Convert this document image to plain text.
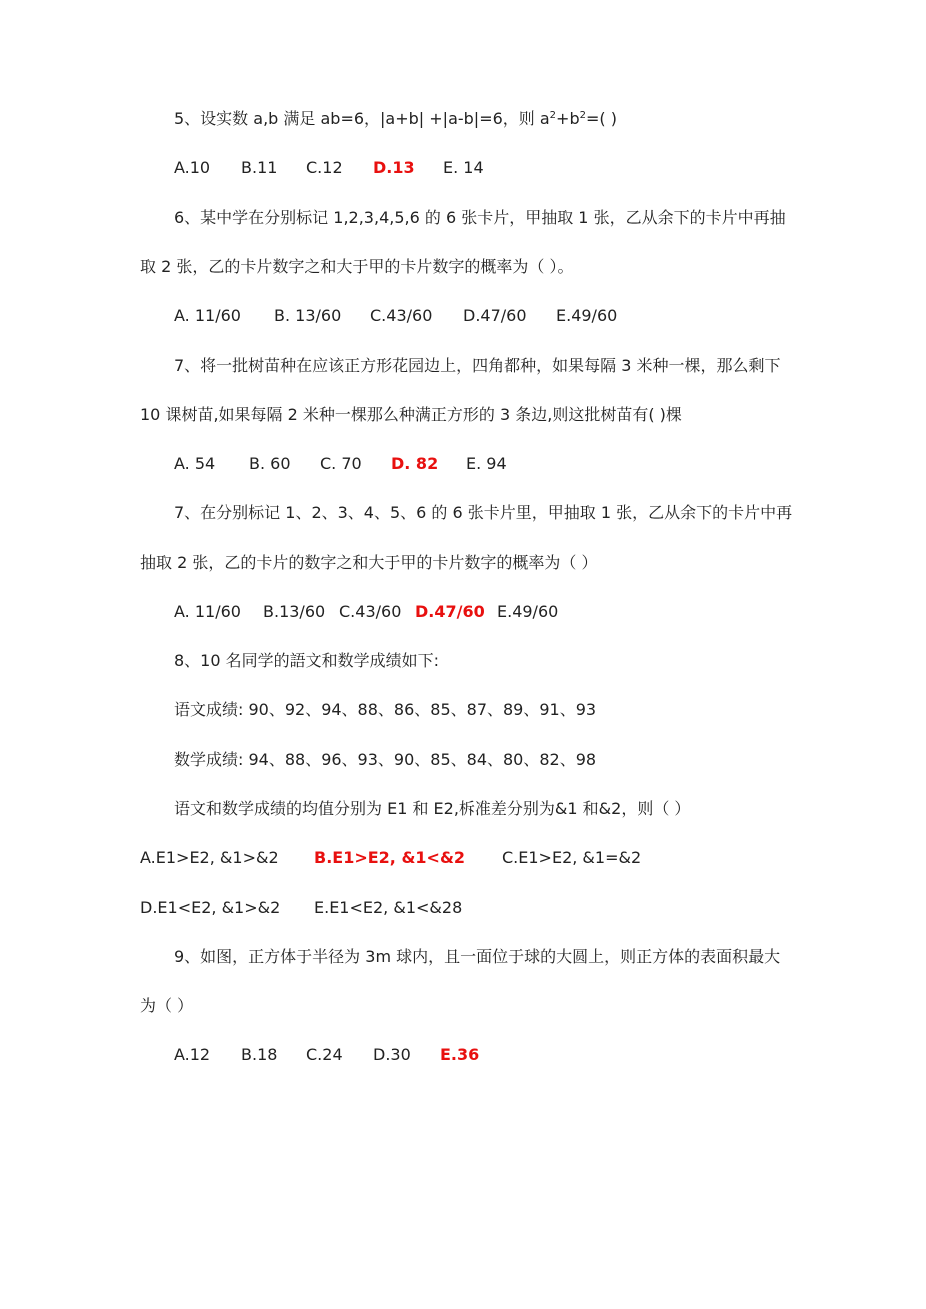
5、设实数 a,b 满足 ab=6，|a+b| +|a-b|=6，则 $a^2+b^2=$( )
A.10 B.11 C.12 D.13 E. 14
6、某中学在分别标记 1,2,3,4,5,6 的 6 张卡片，甲抽取 1 张，乙从余下的卡片中再抽
取 2 张，乙的卡片数字之和大于甲的卡片数字的概率为（ ）。
A. 11/60 B. 13/60 C.43/60 D.47/60 E.49/60
7、将一批树苗种在应该正方形花园边上，四角都种，如果每隔 3 米种一棵，那么剩下
10 课树苗,如果每隔 2 米种一棵那么种满正方形的 3 条边,则这批树苗有( )棵
A. 54 B. 60 C. 70 D. 82 E. 94
7、在分别标记 1、2、3、4、5、6 的 6 张卡片里，甲抽取 1 张，乙从余下的卡片中再
抽取 2 张，乙的卡片的数字之和大于甲的卡片数字的概率为（ ）
A. 11/60 B.13/60 C.43/60 D.47/60 E.49/60
8、10 名同学的語文和数学成绩如下:
语文成绩: 90、92、94、88、86、85、87、89、91、93
数学成绩: 94、88、96、93、90、85、84、80、82、98
语文和数学成绩的均值分别为 E1 和 E2,柝准差分别为&1 和&2，则（ ）
A.E1>E2, &1>&2 B.E1>E2, &1<&2 C.E1>E2, &1=&2
D.E1<E2, &1>&2 E.E1<E2, &1<&28
9、如图，正方体于半径为 3m 球内，且一面位于球的大圆上，则正方体的表面积最大
为（ ）
A.12 B.18 C.24 D.30 E.36
